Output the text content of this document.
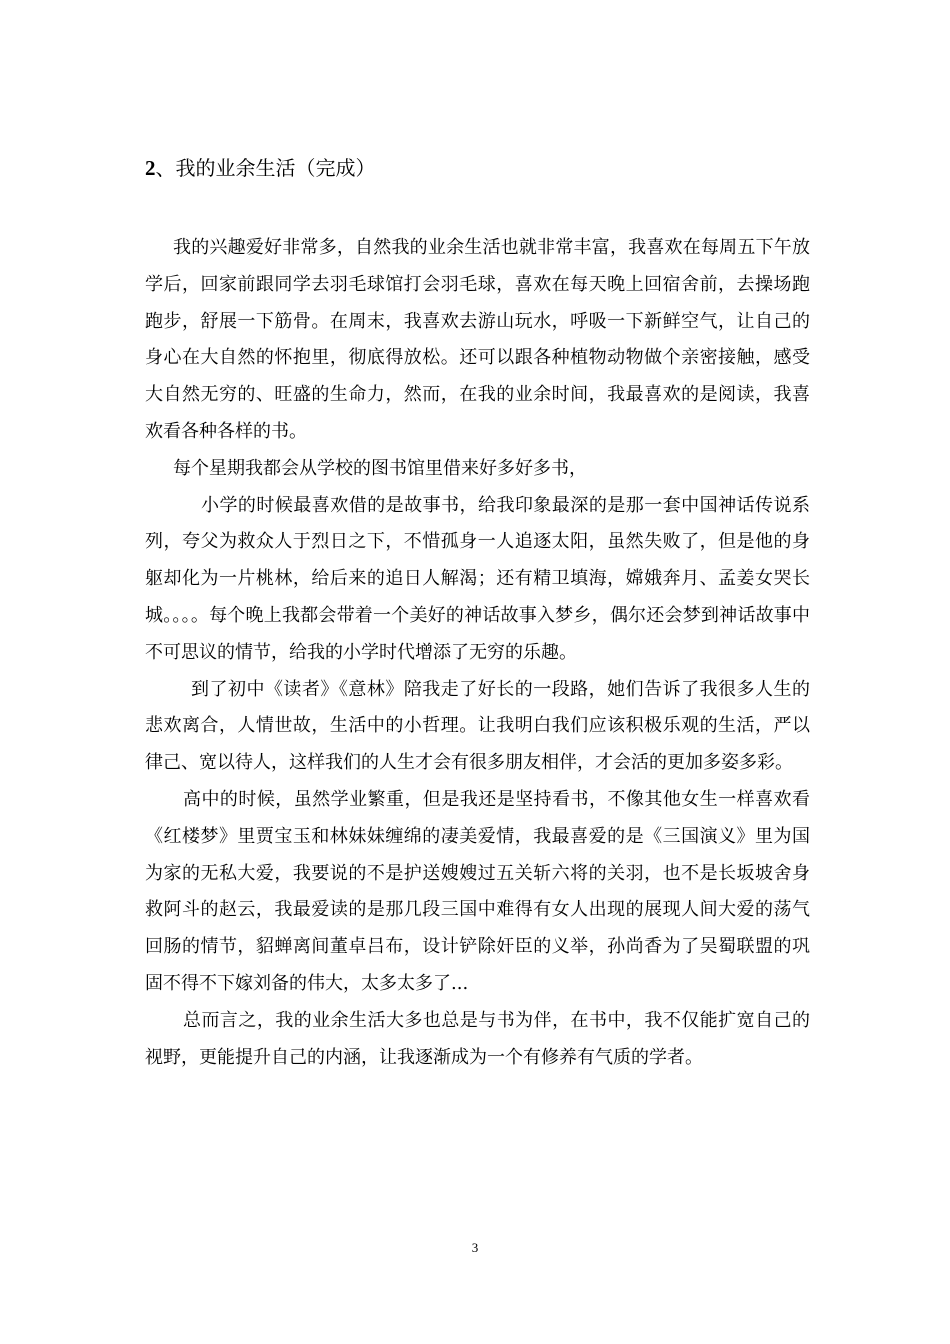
2、我的业余生活（完成）

我的兴趣爱好非常多，自然我的业余生活也就非常丰富，我喜欢在每周五下午放学后，回家前跟同学去羽毛球馆打会羽毛球，喜欢在每天晚上回宿舍前，去操场跑跑步，舒展一下筋骨。在周末，我喜欢去游山玩水，呼吸一下新鲜空气，让自己的身心在大自然的怀抱里，彻底得放松。还可以跟各种植物动物做个亲密接触，感受大自然无穷的、旺盛的生命力，然而，在我的业余时间，我最喜欢的是阅读，我喜欢看各种各样的书。

每个星期我都会从学校的图书馆里借来好多好多书，

小学的时候最喜欢借的是故事书，给我印象最深的是那一套中国神话传说系列，夸父为救众人于烈日之下，不惜孤身一人追逐太阳，虽然失败了，但是他的身躯却化为一片桃林，给后来的追日人解渴；还有精卫填海，嫦娥奔月、孟姜女哭长城。。。。每个晚上我都会带着一个美好的神话故事入梦乡，偶尔还会梦到神话故事中不可思议的情节，给我的小学时代增添了无穷的乐趣。

到了初中《读者》《意林》陪我走了好长的一段路，她们告诉了我很多人生的悲欢离合，人情世故，生活中的小哲理。让我明白我们应该积极乐观的生活，严以律己、宽以待人，这样我们的人生才会有很多朋友相伴，才会活的更加多姿多彩。

高中的时候，虽然学业繁重，但是我还是坚持看书，不像其他女生一样喜欢看《红楼梦》里贾宝玉和林妹妹缠绵的凄美爱情，我最喜爱的是《三国演义》里为国为家的无私大爱，我要说的不是护送嫂嫂过五关斩六将的关羽，也不是长坂坡舍身救阿斗的赵云，我最爱读的是那几段三国中难得有女人出现的展现人间大爱的荡气回肠的情节，貂蝉离间董卓吕布，设计铲除奸臣的义举，孙尚香为了吴蜀联盟的巩固不得不下嫁刘备的伟大，太多太多了...

总而言之，我的业余生活大多也总是与书为伴，在书中，我不仅能扩宽自己的视野，更能提升自己的内涵，让我逐渐成为一个有修养有气质的学者。

3
